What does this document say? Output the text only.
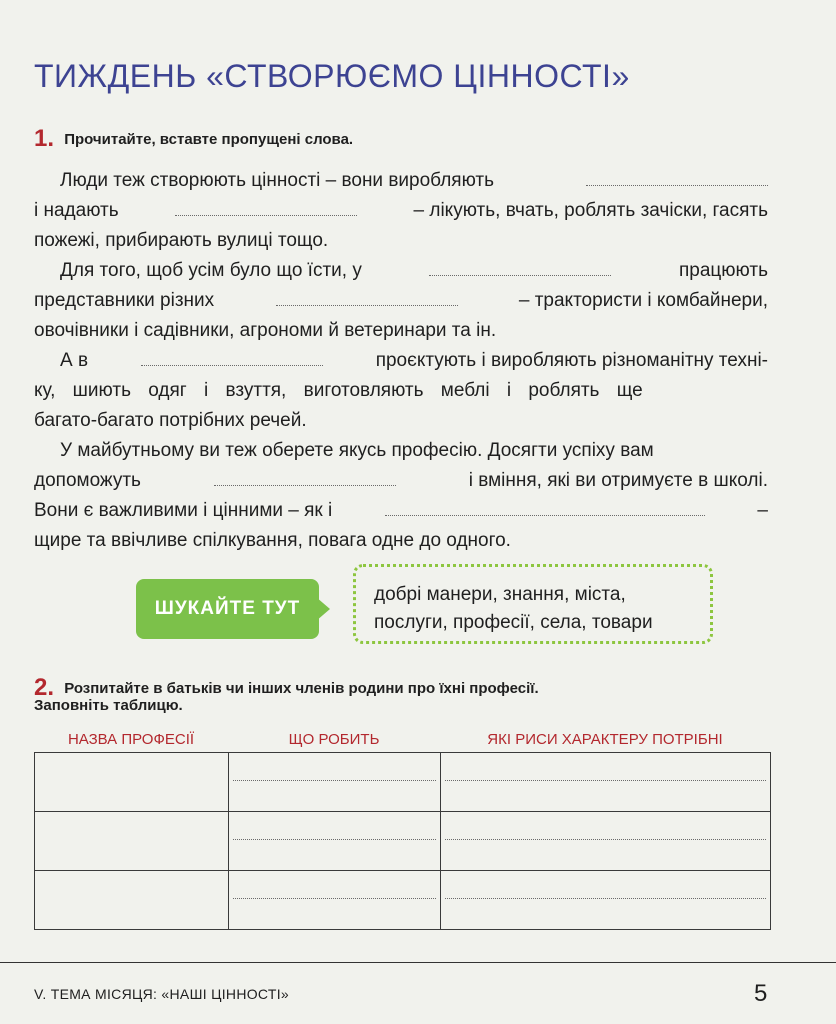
ТИЖДЕНЬ «СТВОРЮЄМО ЦІННОСТІ»
1. Прочитайте, вставте пропущені слова.
Люди теж створюють цінності – вони виробляють
і надають	– лікують, вчать, роблять зачіски, гасять
пожежі, прибирають вулиці тощо.
Для того, щоб усім було що їсти, у	працюють
представники різних	– трактористи і комбайнери,
овочівники і садівники, агрономи й ветеринари та ін.
А в	проєктують і виробляють різноманітну техні-
ку, шиють одяг і взуття, виготовляють меблі і роблять ще
багато-багато потрібних речей.
У майбутньому ви теж оберете якусь професію. Досягти успіху вам
допоможуть	і вміння, які ви отримуєте в школі.
Вони є важливими і цінними – як і	–
щире та ввічливе спілкування, повага одне до одного.
ШУКАЙТЕ ТУТ
добрі манери, знання, міста,
послуги, професії, села, товари
2. Розпитайте в батьків чи інших членів родини про їхні професії.
Заповніть таблицю.
НАЗВА ПРОФЕСІЇ	ЩО РОБИТЬ	ЯКІ РИСИ ХАРАКТЕРУ ПОТРІБНІ

V. ТЕМА МІСЯЦЯ: «НАШІ ЦІННОСТІ»	5
